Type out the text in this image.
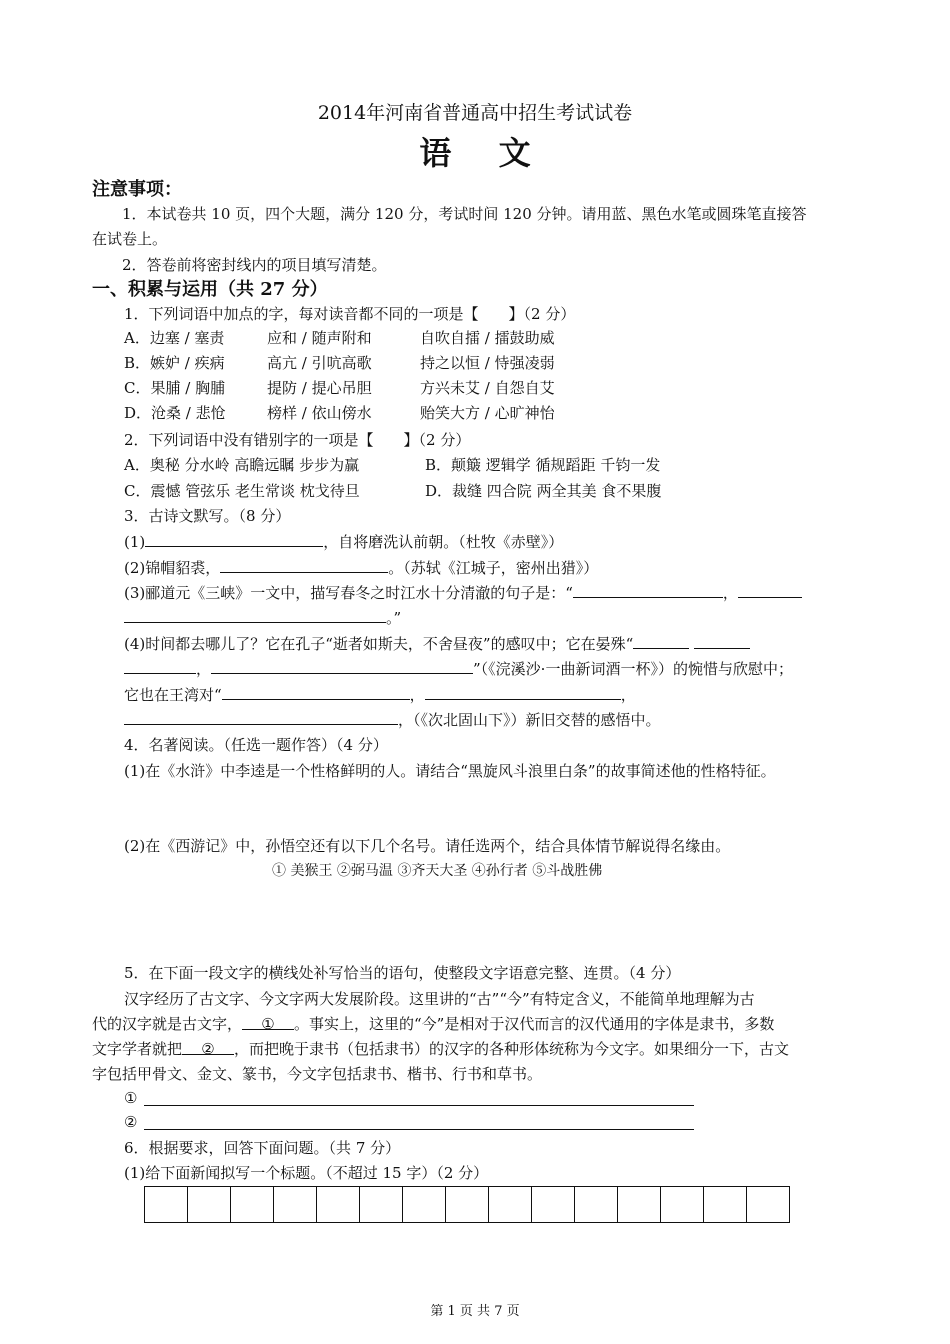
2014年河南省普通高中招生考试试卷
语 文
注意事项：
1．本试卷共 10 页，四个大题，满分 120 分，考试时间 120 分钟。请用蓝、黑色水笔或圆珠笔直接答
在试卷上。
2．答卷前将密封线内的项目填写清楚。
一、积累与运用（共 27 分）
1．下列词语中加点的字，每对读音都不同的一项是【　　】（2 分）
A．边塞 / 塞责	应和 / 随声附和	自吹自擂 / 擂鼓助威
B．嫉妒 / 疾病	高亢 / 引吭高歌	持之以恒 / 恃强凌弱
C．果脯 / 胸脯	提防 / 提心吊胆	方兴未艾 / 自怨自艾
D．沧桑 / 悲怆	榜样 / 依山傍水	贻笑大方 / 心旷神怡
2．下列词语中没有错别字的一项是【　　】（2 分）
A．奥秘 分水岭 高瞻远瞩 步步为赢	B．颠簸 逻辑学 循规蹈距 千钧一发
C．震憾 管弦乐 老生常谈 枕戈待旦	D．裁缝 四合院 两全其美 食不果腹
3．古诗文默写。（8 分）
(1)	，自将磨洗认前朝。（杜牧《赤壁》）
(2)锦帽貂裘，	。（苏轼《江城子，密州出猎》）
(3)郦道元《三峡》一文中，描写春冬之时江水十分清澈的句子是：“	，
。”
(4)时间都去哪儿了？它在孔子“逝者如斯夫，不舍昼夜”的感叹中；它在晏殊“
，	”（《浣溪沙·一曲新词酒一杯》）的惋惜与欣慰中；
它也在王湾对“	，	，
，（《次北固山下》）新旧交替的感悟中。
4．名著阅读。（任选一题作答）（4 分）
(1)在《水浒》中李逵是一个性格鲜明的人。请结合“黑旋风斗浪里白条”的故事简述他的性格特征。
(2)在《西游记》中，孙悟空还有以下几个名号。请任选两个，结合具体情节解说得名缘由。
① 美猴王 ②弼马温 ③齐天大圣 ④孙行者 ⑤斗战胜佛
5．在下面一段文字的横线处补写恰当的语句，使整段文字语意完整、连贯。（4 分）
汉字经历了古文字、今文字两大发展阶段。这里讲的“古”“今”有特定含义，不能简单地理解为古
代的汉字就是古文字， ① 。事实上，这里的“今”是相对于汉代而言的汉代通用的字体是隶书，多数
文字学者就把 ② ，而把晚于隶书（包括隶书）的汉字的各种形体统称为今文字。如果细分一下，古文
字包括甲骨文、金文、篆书，今文字包括隶书、楷书、行书和草书。
①
②
6．根据要求，回答下面问题。（共 7 分）
(1)给下面新闻拟写一个标题。（不超过 15 字）（2 分）
第 1 页 共 7 页
